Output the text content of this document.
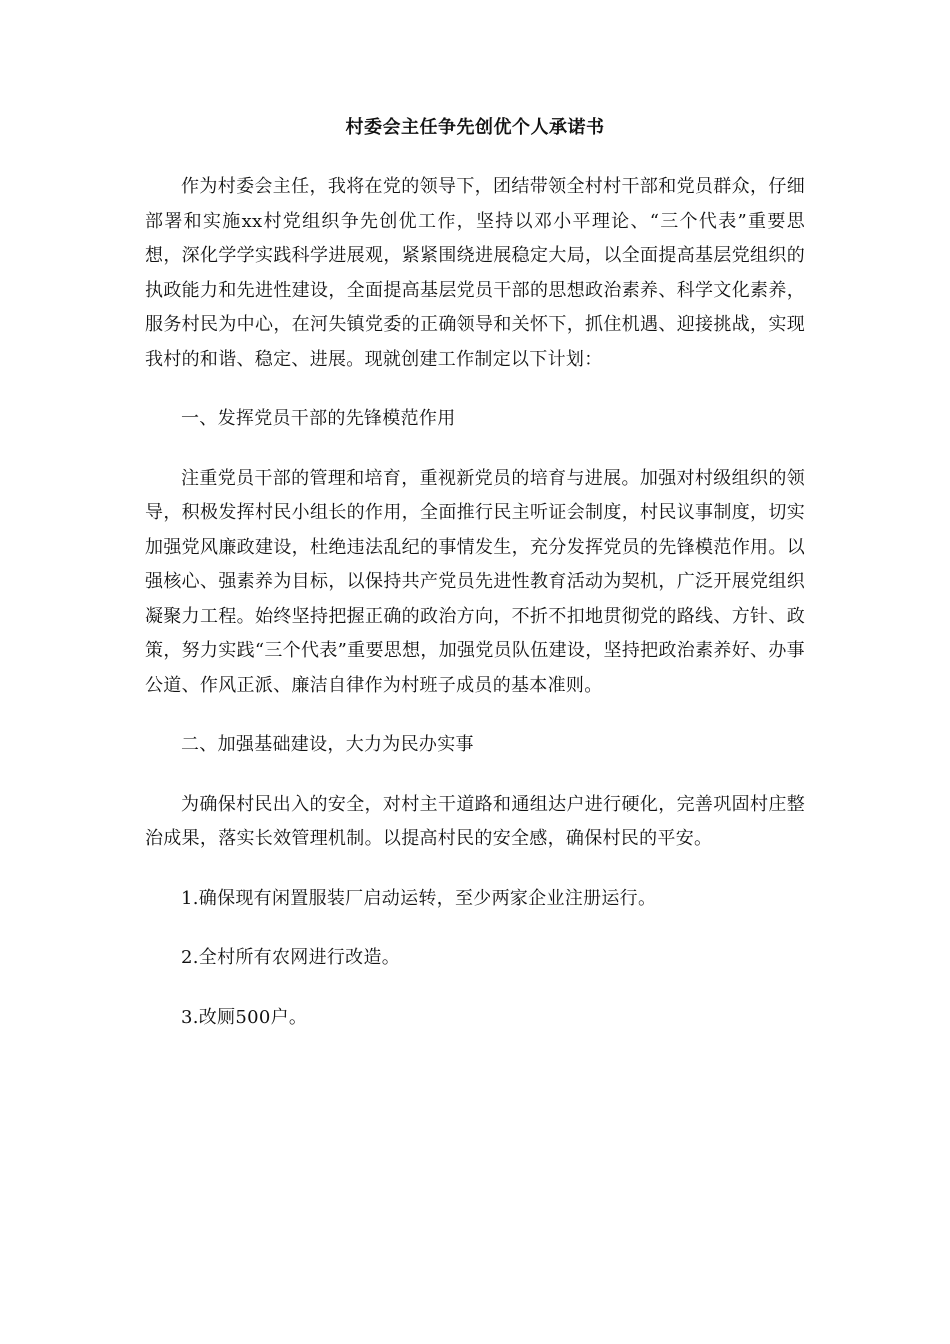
村委会主任争先创优个人承诺书

作为村委会主任，我将在党的领导下，团结带领全村村干部和党员群众，仔细部署和实施xx村党组织争先创优工作，坚持以邓小平理论、“三个代表”重要思想，深化学学实践科学进展观，紧紧围绕进展稳定大局，以全面提高基层党组织的执政能力和先进性建设，全面提高基层党员干部的思想政治素养、科学文化素养，服务村民为中心，在河失镇党委的正确领导和关怀下，抓住机遇、迎接挑战，实现我村的和谐、稳定、进展。现就创建工作制定以下计划：

一、发挥党员干部的先锋模范作用

注重党员干部的管理和培育，重视新党员的培育与进展。加强对村级组织的领导，积极发挥村民小组长的作用，全面推行民主听证会制度，村民议事制度，切实加强党风廉政建设，杜绝违法乱纪的事情发生，充分发挥党员的先锋模范作用。以强核心、强素养为目标，以保持共产党员先进性教育活动为契机，广泛开展党组织凝聚力工程。始终坚持把握正确的政治方向，不折不扣地贯彻党的路线、方针、政策，努力实践“三个代表”重要思想，加强党员队伍建设，坚持把政治素养好、办事公道、作风正派、廉洁自律作为村班子成员的基本准则。

二、加强基础建设，大力为民办实事

为确保村民出入的安全，对村主干道路和通组达户进行硬化，完善巩固村庄整治成果，落实长效管理机制。以提高村民的安全感，确保村民的平安。

1.确保现有闲置服装厂启动运转，至少两家企业注册运行。

2.全村所有农网进行改造。

3.改厕500户。
